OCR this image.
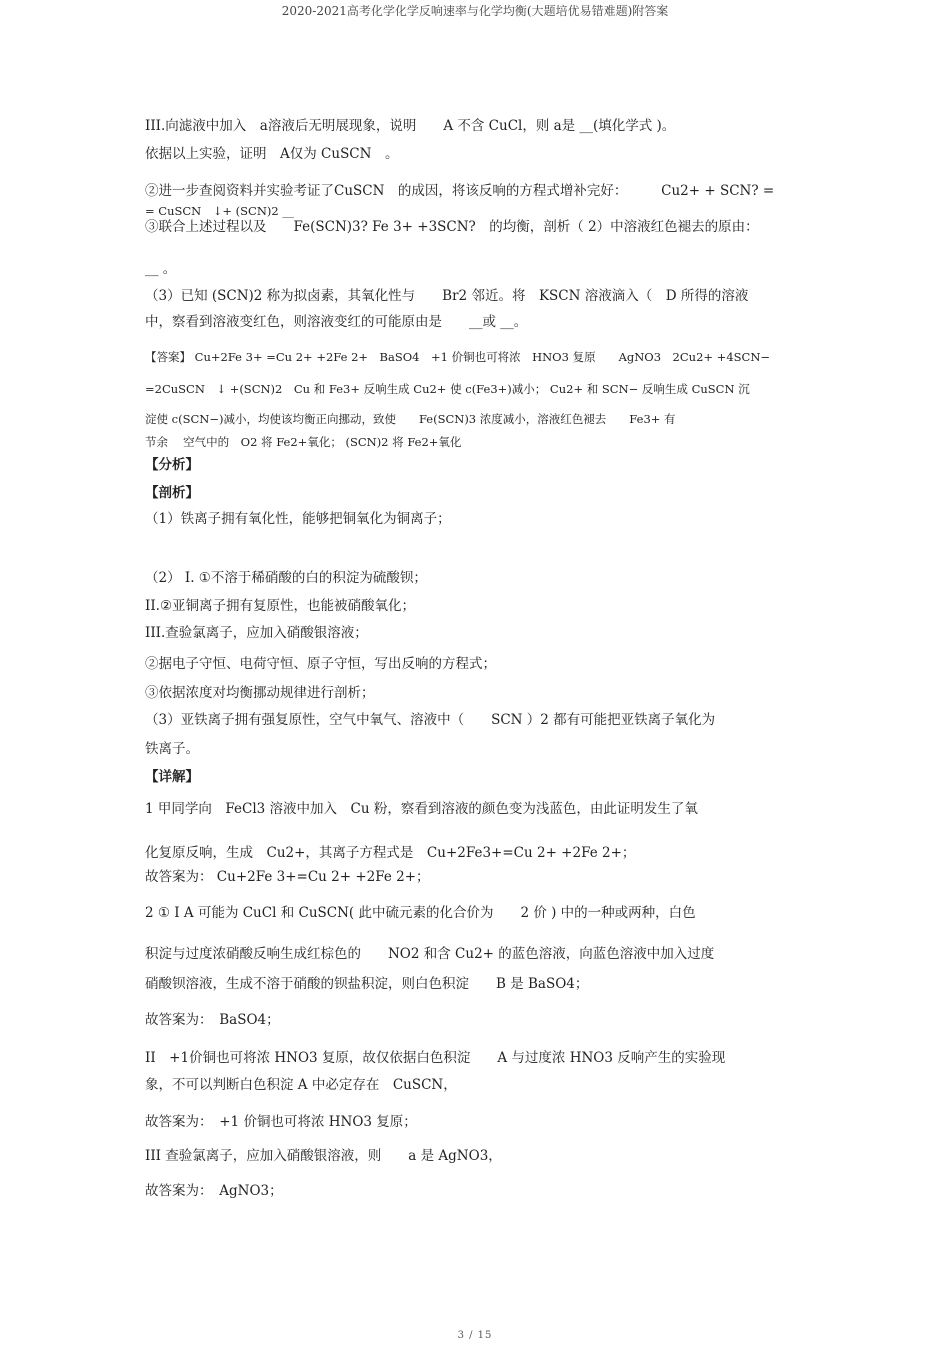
2020-2021高考化学化学反响速率与化学均衡(大题培优易错难题)附答案
III.向滤液中加入　a溶液后无明展现象，说明　　A 不含 CuCl，则 a是 __(填化学式 )。
依据以上实验，证明　A仅为 CuSCN　。
②进一步查阅资料并实验考证了CuSCN　的成因，将该反响的方程式增补完好：　　　Cu2+ + SCN? =
= CuSCN　↓+ (SCN)2 __
③联合上述过程以及　　Fe(SCN)3? Fe 3+ +3SCN?　的均衡，剖析（ 2）中溶液红色褪去的原由：
__ 。
（3）已知 (SCN)2 称为拟卤素，其氧化性与　　Br2 邻近。将　KSCN 溶液滴入（　D 所得的溶液
中，察看到溶液变红色，则溶液变红的可能原由是　　__或 __。
【答案】 Cu+2Fe 3+ =Cu 2+ +2Fe 2+　BaSO4　+1 价铜也可将浓　HNO3 复原　　AgNO3　2Cu2+ +4SCN−
=2CuSCN　↓ +(SCN)2　Cu 和 Fe3+ 反响生成 Cu2+ 使 c(Fe3+)减小； Cu2+ 和 SCN− 反响生成 CuSCN 沉
淀使 c(SCN−)减小，均使该均衡正向挪动，致使　　Fe(SCN)3 浓度减小，溶液红色褪去　　Fe3+ 有
节余　 空气中的　O2 将 Fe2+氧化； (SCN)2 将 Fe2+氧化
【分析】
【剖析】
（1）铁离子拥有氧化性，能够把铜氧化为铜离子；
（2） I. ①不溶于稀硝酸的白的积淀为硫酸钡；
II.②亚铜离子拥有复原性，也能被硝酸氧化；
III.查验氯离子，应加入硝酸银溶液；
②据电子守恒、电荷守恒、原子守恒，写出反响的方程式；
③依据浓度对均衡挪动规律进行剖析；
（3）亚铁离子拥有强复原性，空气中氧气、溶液中（　　SCN ）2 都有可能把亚铁离子氧化为
铁离子。
【详解】
1 甲同学向　FeCl3 溶液中加入　Cu 粉，察看到溶液的颜色变为浅蓝色，由此证明发生了氧
化复原反响，生成　Cu2+，其离子方程式是　Cu+2Fe3+=Cu 2+ +2Fe 2+；
故答案为： Cu+2Fe 3+=Cu 2+ +2Fe 2+；
2 ① I A 可能为 CuCl 和 CuSCN( 此中硫元素的化合价为　　2 价 ) 中的一种或两种，白色
积淀与过度浓硝酸反响生成红棕色的　　NO2 和含 Cu2+ 的蓝色溶液，向蓝色溶液中加入过度
硝酸钡溶液，生成不溶于硝酸的钡盐积淀，则白色积淀　　B 是 BaSO4；
故答案为：　BaSO4；
II　+1价铜也可将浓 HNO3 复原，故仅依据白色积淀　　A 与过度浓 HNO3 反响产生的实验现
象，不可以判断白色积淀 A 中必定存在　CuSCN，
故答案为：　+1 价铜也可将浓 HNO3 复原；
III 查验氯离子，应加入硝酸银溶液，则　　a 是 AgNO3，
故答案为：　AgNO3；
3 / 15
